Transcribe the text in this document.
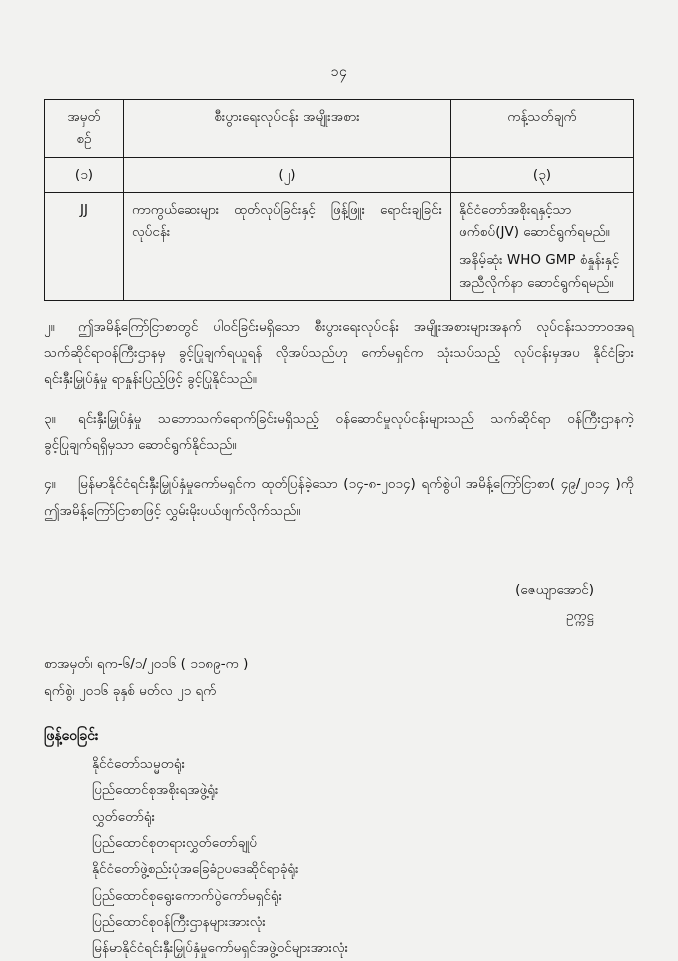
၁၄
အမှတ်
စဉ်	စီးပွားရေးလုပ်ငန်း အမျိုးအစား	ကန့်သတ်ချက်
(၁)	(၂)	(၃)
JJ	ကာကွယ်ဆေးများ ထုတ်လုပ်ခြင်းနှင့် ဖြန့်ဖြူး ရောင်းချခြင်းလုပ်ငန်း	နိုင်ငံတော်အစိုးရနှင့်သာ ဖက်စပ်(JV) ဆောင်ရွက်ရမည်။

အနိမ့်ဆုံး WHO GMP စံနှုန်းနှင့် အညီလိုက်နာ ဆောင်ရွက်ရမည်။

၂။ ဤအမိန့်ကြော်ငြာစာတွင် ပါဝင်ခြင်းမရှိသော စီးပွားရေးလုပ်ငန်း အမျိုးအစားများအနက် လုပ်ငန်းသဘာဝအရ သက်ဆိုင်ရာဝန်ကြီးဌာနမှ ခွင့်ပြုချက်ရယူရန် လိုအပ်သည်ဟု ကော်မရှင်က သုံးသပ်သည့် လုပ်ငန်းမှအပ နိုင်ငံခြားရင်းနှီးမြှုပ်နှံမှု ရာနှုန်းပြည့်ဖြင့် ခွင့်ပြုနိုင်သည်။

၃။ ရင်းနှီးမြှုပ်နှံမှု သဘောသက်ရောက်ခြင်းမရှိသည့် ဝန်ဆောင်မှုလုပ်ငန်းများသည် သက်ဆိုင်ရာ ဝန်ကြီးဌာနကဲ့ ခွင့်ပြုချက်ရရှိမှသာ ဆောင်ရွက်နိုင်သည်။

၄။ မြန်မာနိုင်ငံရင်းနှီးမြှုပ်နှံမှုကော်မရှင်က ထုတ်ပြန်ခဲ့သော (၁၄-၈-၂၀၁၄) ရက်စွဲပါ အမိန့်ကြော်ငြာစာ( ၄၉/၂၀၁၄ )ကို ဤအမိန့်ကြော်ငြာစာဖြင့် လွှမ်းမိုးပယ်ဖျက်လိုက်သည်။

(ဇေယျာအောင်)
ဥက္ကဋ္ဌ
စာအမှတ်၊ ရက-၆/၁/၂၀၁၆ ( ၁၁၈၉-က )
ရက်စွဲ၊ ၂၀၁၆ ခုနှစ် မတ်လ ၂၁ ရက်
ဖြန့်ဝေခြင်း
နိုင်ငံတော်သမ္မတရုံး
ပြည်ထောင်စုအစိုးရအဖွဲ့ရုံး
လွှတ်တော်ရုံး
ပြည်ထောင်စုတရားလွှတ်တော်ချုပ်
နိုင်ငံတော်ဖွဲ့စည်းပုံအခြေခံဥပဒေဆိုင်ရာခုံရုံး
ပြည်ထောင်စုရွေးကောက်ပွဲကော်မရှင်ရုံး
ပြည်ထောင်စုဝန်ကြီးဌာနများအားလုံး
မြန်မာနိုင်ငံရင်းနှီးမြှုပ်နှံမှုကော်မရှင်အဖွဲ့ဝင်များအားလုံး
